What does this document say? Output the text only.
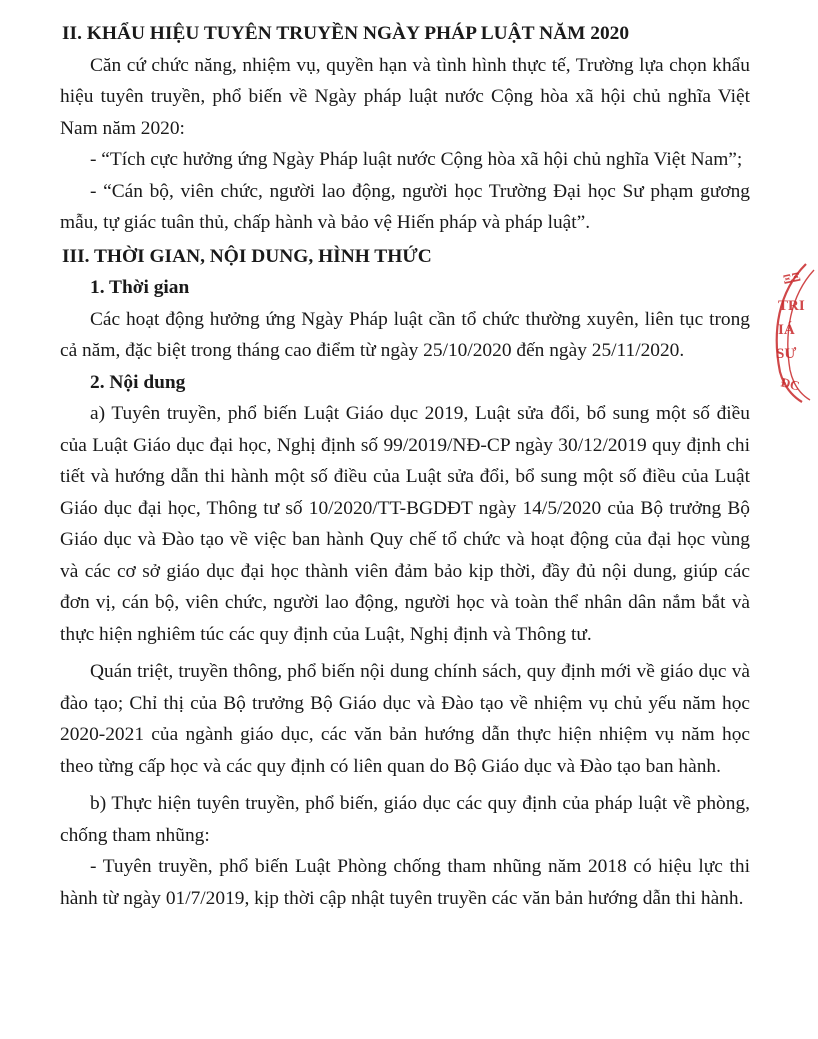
II. KHẨU HIỆU TUYÊN TRUYỀN NGÀY PHÁP LUẬT NĂM 2020

Căn cứ chức năng, nhiệm vụ, quyền hạn và tình hình thực tế, Trường lựa chọn khẩu hiệu tuyên truyền, phổ biến về Ngày pháp luật nước Cộng hòa xã hội chủ nghĩa Việt Nam năm 2020:

- “Tích cực hưởng ứng Ngày Pháp luật nước Cộng hòa xã hội chủ nghĩa Việt Nam”;

- “Cán bộ, viên chức, người lao động, người học Trường Đại học Sư phạm gương mẫu, tự giác tuân thủ, chấp hành và bảo vệ Hiến pháp và pháp luật”.

III. THỜI GIAN, NỘI DUNG, HÌNH THỨC

1. Thời gian

Các hoạt động hưởng ứng Ngày Pháp luật cần tổ chức thường xuyên, liên tục trong cả năm, đặc biệt trong tháng cao điểm từ ngày 25/10/2020 đến ngày 25/11/2020.

2. Nội dung

a) Tuyên truyền, phổ biến Luật Giáo dục 2019, Luật sửa đổi, bổ sung một số điều của Luật Giáo dục đại học, Nghị định số 99/2019/NĐ-CP ngày 30/12/2019 quy định chi tiết và hướng dẫn thi hành một số điều của Luật sửa đổi, bổ sung một số điều của Luật Giáo dục đại học, Thông tư số 10/2020/TT-BGDĐT ngày 14/5/2020 của Bộ trưởng Bộ Giáo dục và Đào tạo về việc ban hành Quy chế tổ chức và hoạt động của đại học vùng và các cơ sở giáo dục đại học thành viên đảm bảo kịp thời, đầy đủ nội dung, giúp các đơn vị, cán bộ, viên chức, người lao động, người học và toàn thể nhân dân nắm bắt và thực hiện nghiêm túc các quy định của Luật, Nghị định và Thông tư.

Quán triệt, truyền thông, phổ biến nội dung chính sách, quy định mới về giáo dục và đào tạo; Chỉ thị của Bộ trưởng Bộ Giáo dục và Đào tạo về nhiệm vụ chủ yếu năm học 2020-2021 của ngành giáo dục, các văn bản hướng dẫn thực hiện nhiệm vụ năm học theo từng cấp học và các quy định có liên quan do Bộ Giáo dục và Đào tạo ban hành.

b) Thực hiện tuyên truyền, phổ biến, giáo dục các quy định của pháp luật về phòng, chống tham nhũng:

- Tuyên truyền, phổ biến Luật Phòng chống tham nhũng năm 2018 có hiệu lực thi hành từ ngày 01/7/2019, kịp thời cập nhật tuyên truyền các văn bản hướng dẫn thi hành.

ΞΞ
TRI
IÁ
SƯ
ĐC
